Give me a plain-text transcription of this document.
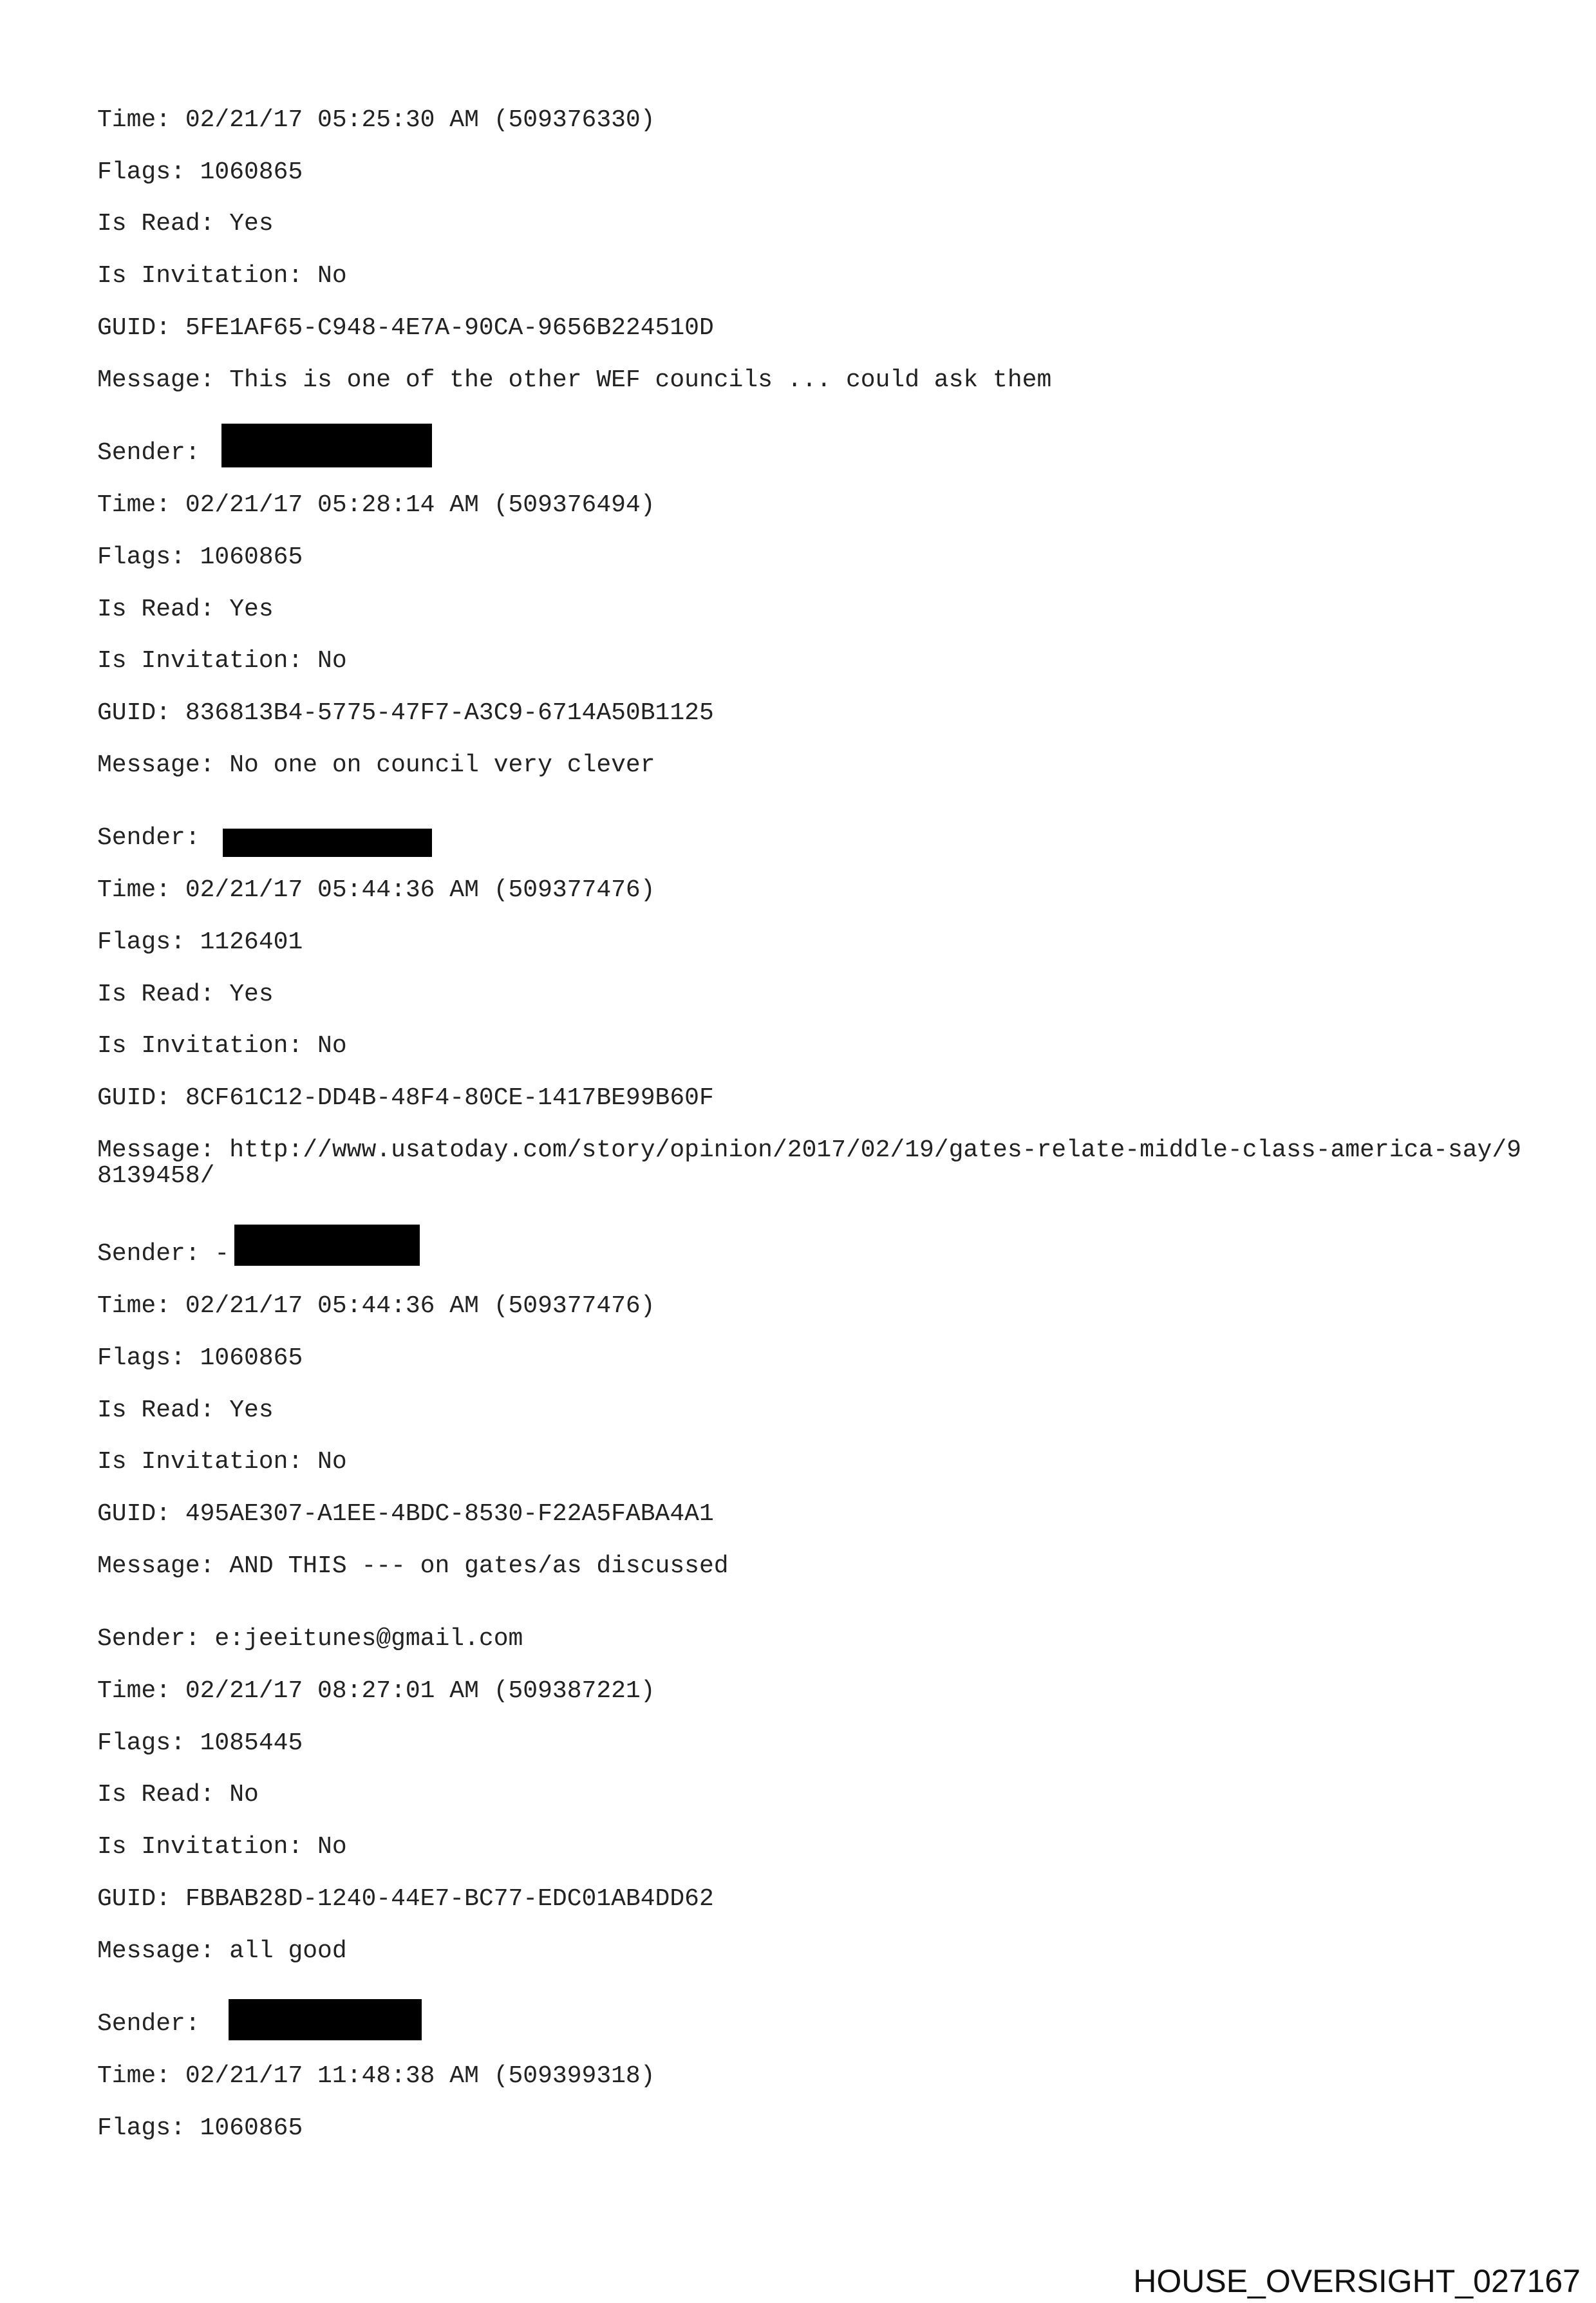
Time: 02/21/17 05:25:30 AM (509376330)
Flags: 1060865
Is Read: Yes
Is Invitation: No
GUID: 5FE1AF65-C948-4E7A-90CA-9656B224510D
Message: This is one of the other WEF councils ... could ask them
Sender:
Time: 02/21/17 05:28:14 AM (509376494)
Flags: 1060865
Is Read: Yes
Is Invitation: No
GUID: 836813B4-5775-47F7-A3C9-6714A50B1125
Message: No one on council very clever
Sender:
Time: 02/21/17 05:44:36 AM (509377476)
Flags: 1126401
Is Read: Yes
Is Invitation: No
GUID: 8CF61C12-DD4B-48F4-80CE-1417BE99B60F
Message: http://www.usatoday.com/story/opinion/2017/02/19/gates-relate-middle-class-america-say/98139458/
Sender: -
Time: 02/21/17 05:44:36 AM (509377476)
Flags: 1060865
Is Read: Yes
Is Invitation: No
GUID: 495AE307-A1EE-4BDC-8530-F22A5FABA4A1
Message: AND THIS --- on gates/as discussed
Sender: e:jeeitunes@gmail.com
Time: 02/21/17 08:27:01 AM (509387221)
Flags: 1085445
Is Read: No
Is Invitation: No
GUID: FBBAB28D-1240-44E7-BC77-EDC01AB4DD62
Message: all good
Sender:
Time: 02/21/17 11:48:38 AM (509399318)
Flags: 1060865
HOUSE_OVERSIGHT_027167
